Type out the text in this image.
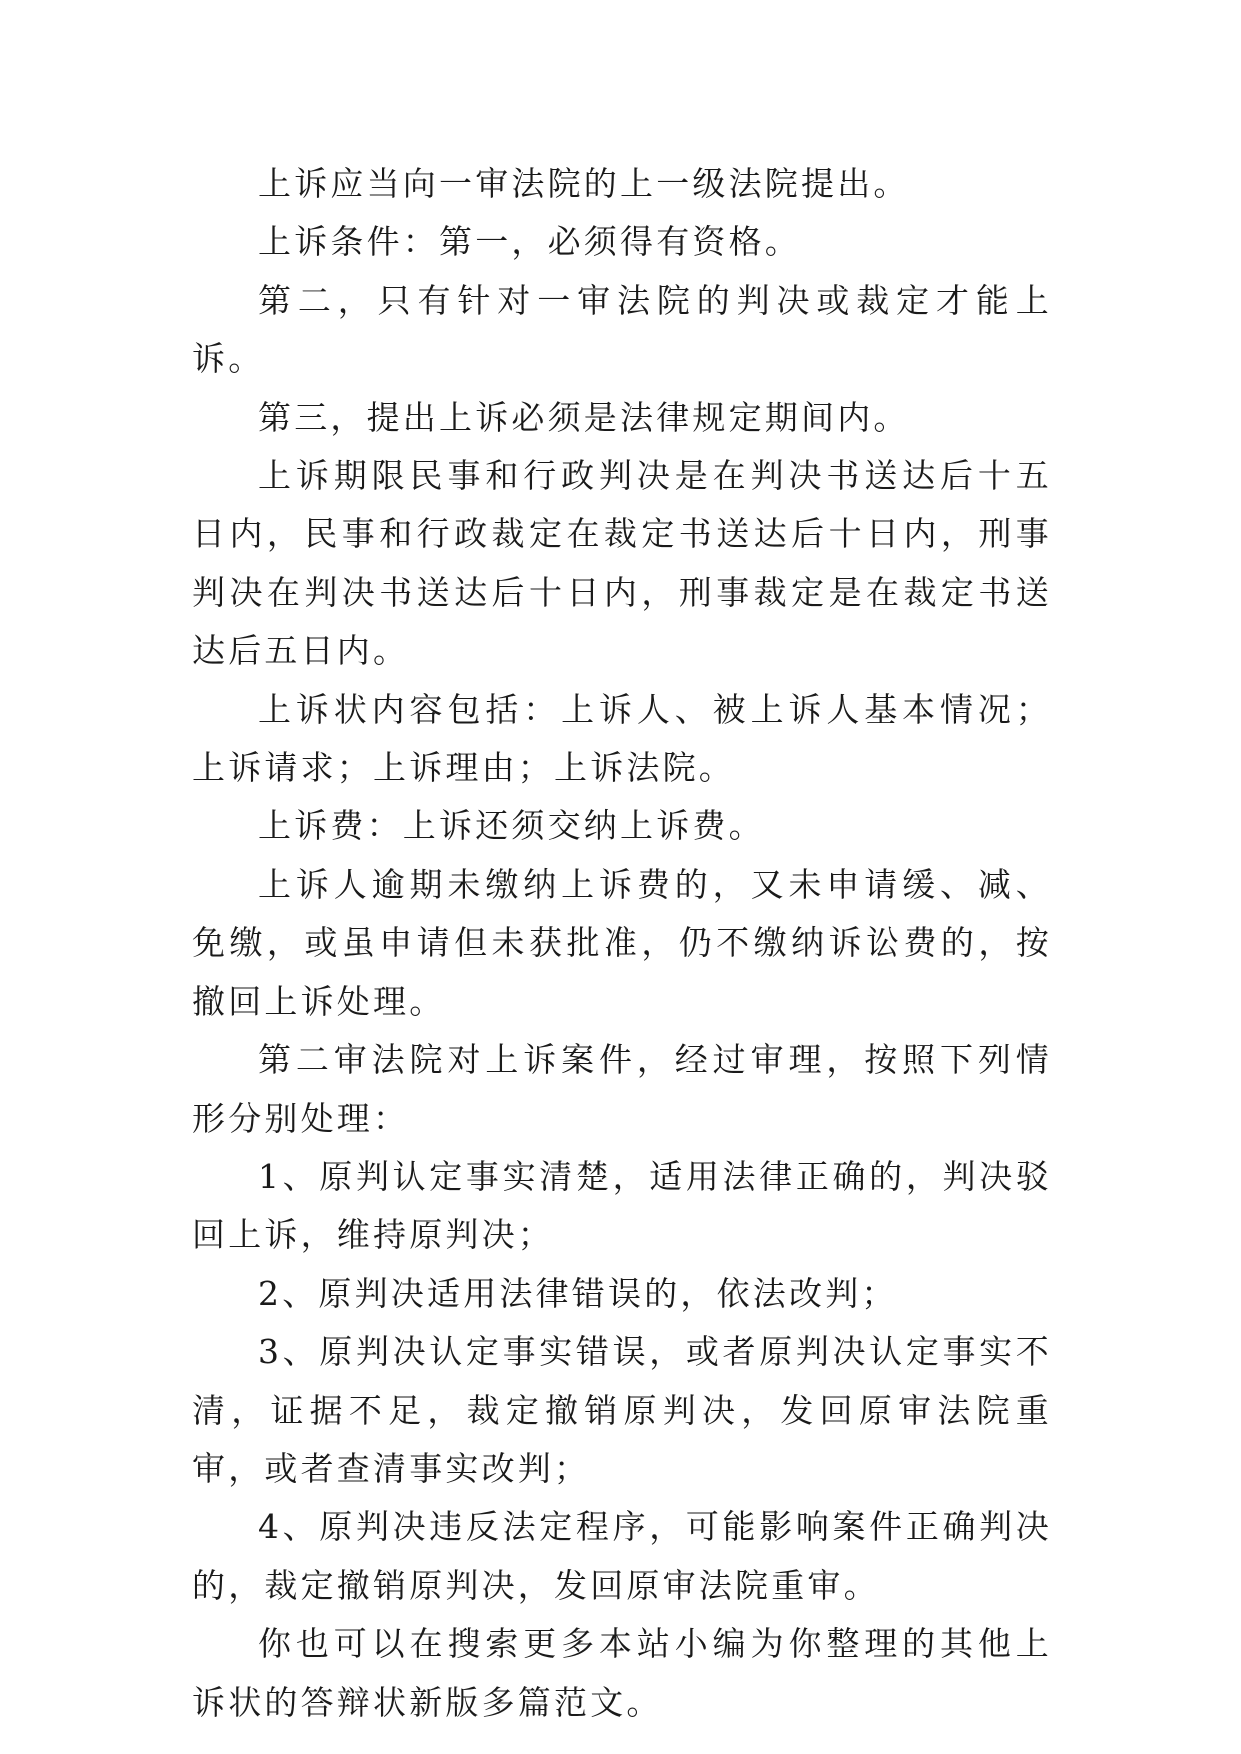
上诉应当向一审法院的上一级法院提出。

上诉条件：第一，必须得有资格。

第二，只有针对一审法院的判决或裁定才能上诉。

第三，提出上诉必须是法律规定期间内。

上诉期限民事和行政判决是在判决书送达后十五日内，民事和行政裁定在裁定书送达后十日内，刑事判决在判决书送达后十日内，刑事裁定是在裁定书送达后五日内。

上诉状内容包括：上诉人、被上诉人基本情况；上诉请求；上诉理由；上诉法院。

上诉费：上诉还须交纳上诉费。

上诉人逾期未缴纳上诉费的，又未申请缓、减、免缴，或虽申请但未获批准，仍不缴纳诉讼费的，按撤回上诉处理。

第二审法院对上诉案件，经过审理，按照下列情形分别处理：

1、原判认定事实清楚，适用法律正确的，判决驳回上诉，维持原判决；

2、原判决适用法律错误的，依法改判；

3、原判决认定事实错误，或者原判决认定事实不清，证据不足，裁定撤销原判决，发回原审法院重审，或者查清事实改判；

4、原判决违反法定程序，可能影响案件正确判决的，裁定撤销原判决，发回原审法院重审。

你也可以在搜索更多本站小编为你整理的其他上诉状的答辩状新版多篇范文。
